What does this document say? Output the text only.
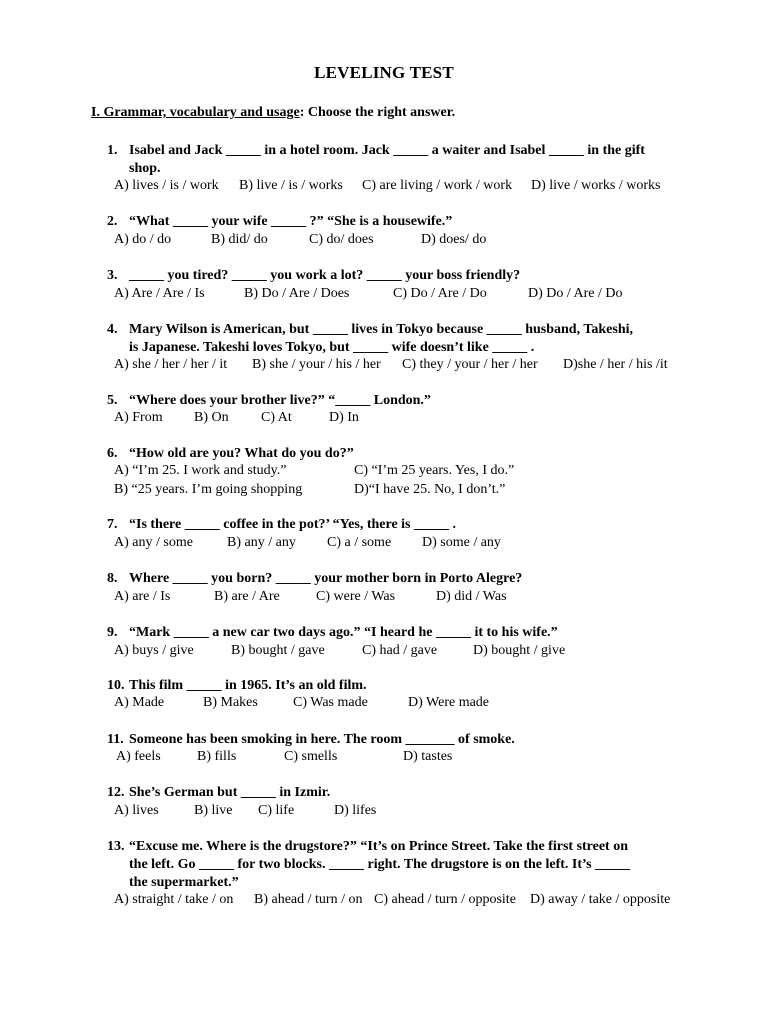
LEVELING TEST
I. Grammar, vocabulary and usage: Choose the right answer.
1. Isabel and Jack _____ in a hotel room. Jack _____ a waiter and Isabel _____ in the gift
shop.
A) lives / is / work B) live / is / works C) are living / work / work D) live / works / works
2. “What _____ your wife _____ ?” “She is a housewife.”
A) do / do	B) did/ do	C) do/ does	D) does/ do
3. _____ you tired? _____ you work a lot? _____ your boss friendly?
A) Are / Are / Is	B) Do / Are / Does	C) Do / Are / Do	D) Do / Are / Do
4. Mary Wilson is American, but _____ lives in Tokyo because _____ husband, Takeshi,
is Japanese. Takeshi loves Tokyo, but _____ wife doesn’t like _____ .
A) she / her / her / it B) she / your / his / her C) they / your / her / her D)she / her / his /it
5. “Where does your brother live?” “_____ London.”
A) From B) On C) At	D) In
6. “How old are you? What do you do?”
A) “I’m 25. I work and study.”	C) “I’m 25 years. Yes, I do.”
B) “25 years. I’m going shopping	D)“I have 25. No, I don’t.”
7. “Is there _____ coffee in the pot?’ “Yes, there is _____ .
A) any / some B) any / any C) a / some D) some / any
8. Where _____ you born? _____ your mother born in Porto Alegre?
A) are / Is	B) are / Are	C) were / Was	D) did / Was
9. “Mark _____ a new car two days ago.” “I heard he _____ it to his wife.”
A) buys / give	B) bought / gave	C) had / gave	D) bought / give
10. This film _____ in 1965. It’s an old film.
A) Made	B) Makes	C) Was made	D) Were made
11. Someone has been smoking in here. The room _______ of smoke.
A) feels	B) fills	C) smells	D) tastes
12. She’s German but _____ in Izmir.
A) lives	B) live C) life	D) lifes
13. “Excuse me. Where is the drugstore?” “It’s on Prince Street. Take the first street on
the left. Go _____ for two blocks. _____ right. The drugstore is on the left. It’s _____
the supermarket.”
A) straight / take / on B) ahead / turn / on C) ahead / turn / opposite D) away / take / opposite
